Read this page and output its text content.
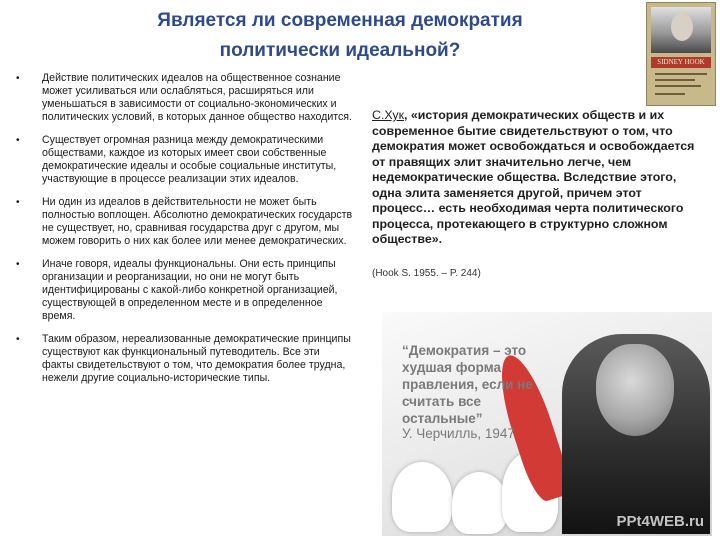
Является ли современная демократия
политически идеальной?
SIDNEY HOOK
• Действие политических идеалов на общественное сознание может усиливаться или ослабляться, расширяться или уменьшаться в зависимости от социально-экономических и политических условий, в которых данное общество находится.
• Существует огромная разница между демократическими обществами, каждое из которых имеет свои собственные демократические идеалы и особые социальные институты, участвующие в процессе реализации этих идеалов.
• Ни один из идеалов в действительности не может быть полностью воплощен. Абсолютно демократических государств не существует, но, сравнивая государства друг с другом, мы можем говорить о них как более или менее демократических.
• Иначе говоря, идеалы функциональны. Они есть принципы организации и реорганизации, но они не могут быть идентифицированы с какой-либо конкретной организацией, существующей в определенном месте и в определенное время.
• Таким образом, нереализованные демократические принципы существуют как функциональный путеводитель. Все эти факты свидетельствуют о том, что демократия более трудна, нежели другие социально-исторические типы.
С.Хук, «история демократических обществ и их современное бытие свидетельствуют о том, что демократия может освобождаться и освобождается от правящих элит значительно легче, чем недемократические общества. Вследствие этого, одна элита заменяется другой, причем этот процесс… есть необходимая черта политического процесса, протекающего в структурно сложном обществе».
(Hook S. 1955. – P. 244)
“Демократия – это худшая форма правления, если не считать все остальные”
У. Черчилль, 1947
PPt4WEB.ru
